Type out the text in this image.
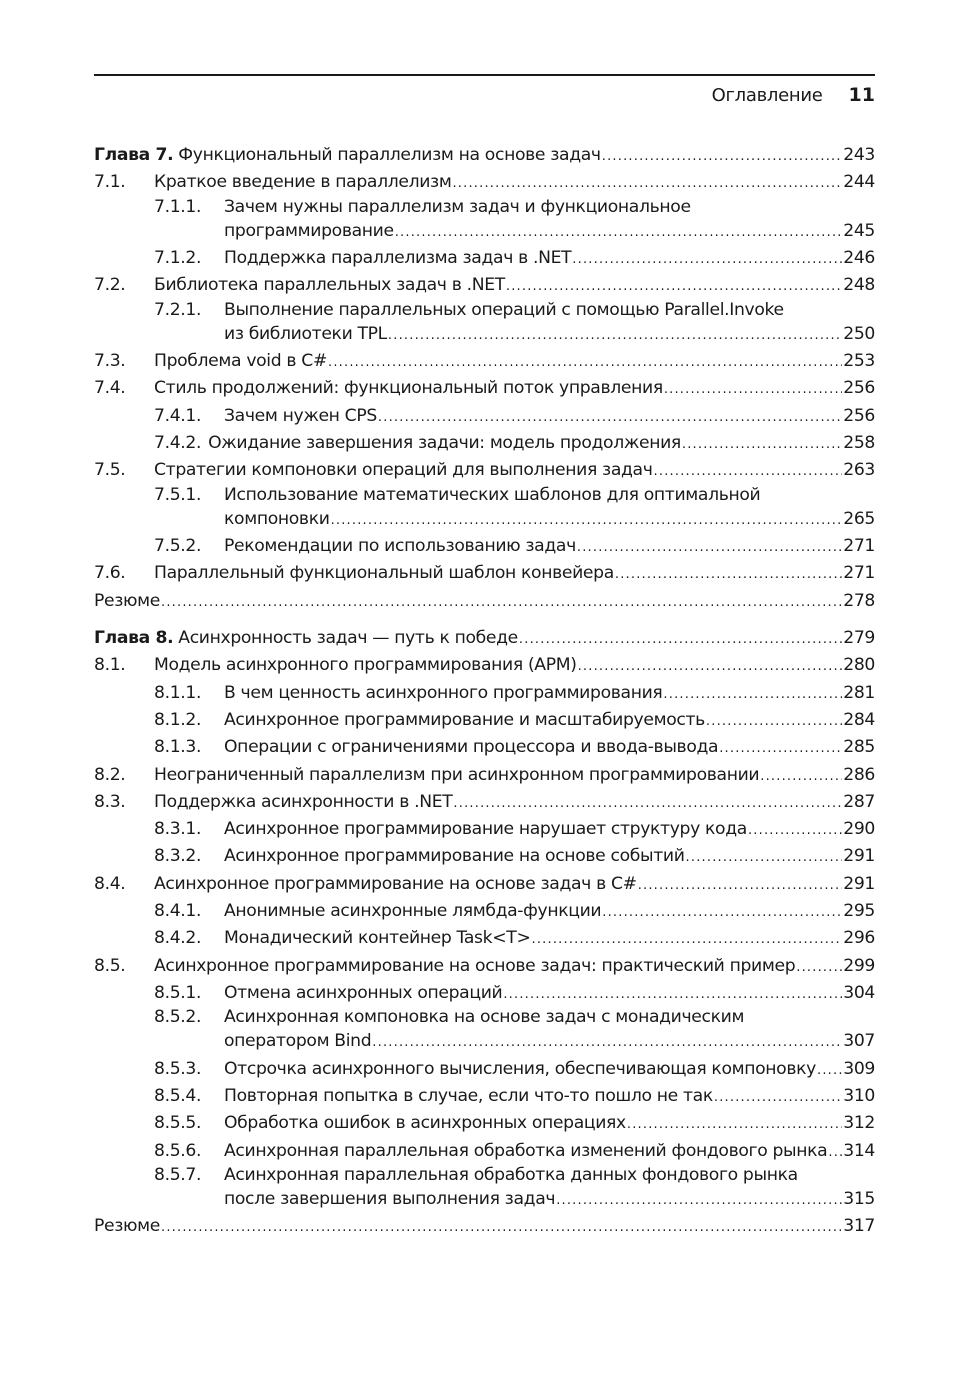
Оглавление 11
Глава 7. Функциональный параллелизм на основе задач .....	243
7.1.	Краткое введение в параллелизм .....	244
7.1.1.	Зачем нужны параллелизм задач и функциональное
программирование .....	245
7.1.2.	Поддержка параллелизма задач в .NET .....	246
7.2.	Библиотека параллельных задач в .NET .....	248
7.2.1.	Выполнение параллельных операций с помощью Parallel.Invoke
из библиотеки TPL .....	250
7.3.	Проблема void в C# .....	253
7.4.	Стиль продолжений: функциональный поток управления .....	256
7.4.1.	Зачем нужен CPS .....	256
7.4.2. Ожидание завершения задачи: модель продолжения .....	258
7.5.	Стратегии компоновки операций для выполнения задач .....	263
7.5.1.	Использование математических шаблонов для оптимальной
компоновки .....	265
7.5.2.	Рекомендации по использованию задач .....	271
7.6.	Параллельный функциональный шаблон конвейера .....	271
Резюме .....	278
Глава 8. Асинхронность задач — путь к победе .....	279
8.1.	Модель асинхронного программирования (APM) .....	280
8.1.1.	В чем ценность асинхронного программирования .....	281
8.1.2.	Асинхронное программирование и масштабируемость .....	284
8.1.3.	Операции с ограничениями процессора и ввода-вывода .....	285
8.2.	Неограниченный параллелизм при асинхронном программировании .....	286
8.3.	Поддержка асинхронности в .NET .....	287
8.3.1.	Асинхронное программирование нарушает структуру кода .....	290
8.3.2.	Асинхронное программирование на основе событий .....	291
8.4.	Асинхронное программирование на основе задач в C# .....	291
8.4.1.	Анонимные асинхронные лямбда-функции .....	295
8.4.2.	Монадический контейнер Task<T> .....	296
8.5.	Асинхронное программирование на основе задач: практический пример .....	299
8.5.1.	Отмена асинхронных операций .....	304
8.5.2.	Асинхронная компоновка на основе задач с монадическим
оператором Bind .....	307
8.5.3.	Отсрочка асинхронного вычисления, обеспечивающая компоновку ..... 309
8.5.4.	Повторная попытка в случае, если что-то пошло не так .....	310
8.5.5.	Обработка ошибок в асинхронных операциях .....	312
8.5.6.	Асинхронная параллельная обработка изменений фондового рынка ..... 314
8.5.7.	Асинхронная параллельная обработка данных фондового рынка
после завершения выполнения задач .....	315
Резюме .....	317
